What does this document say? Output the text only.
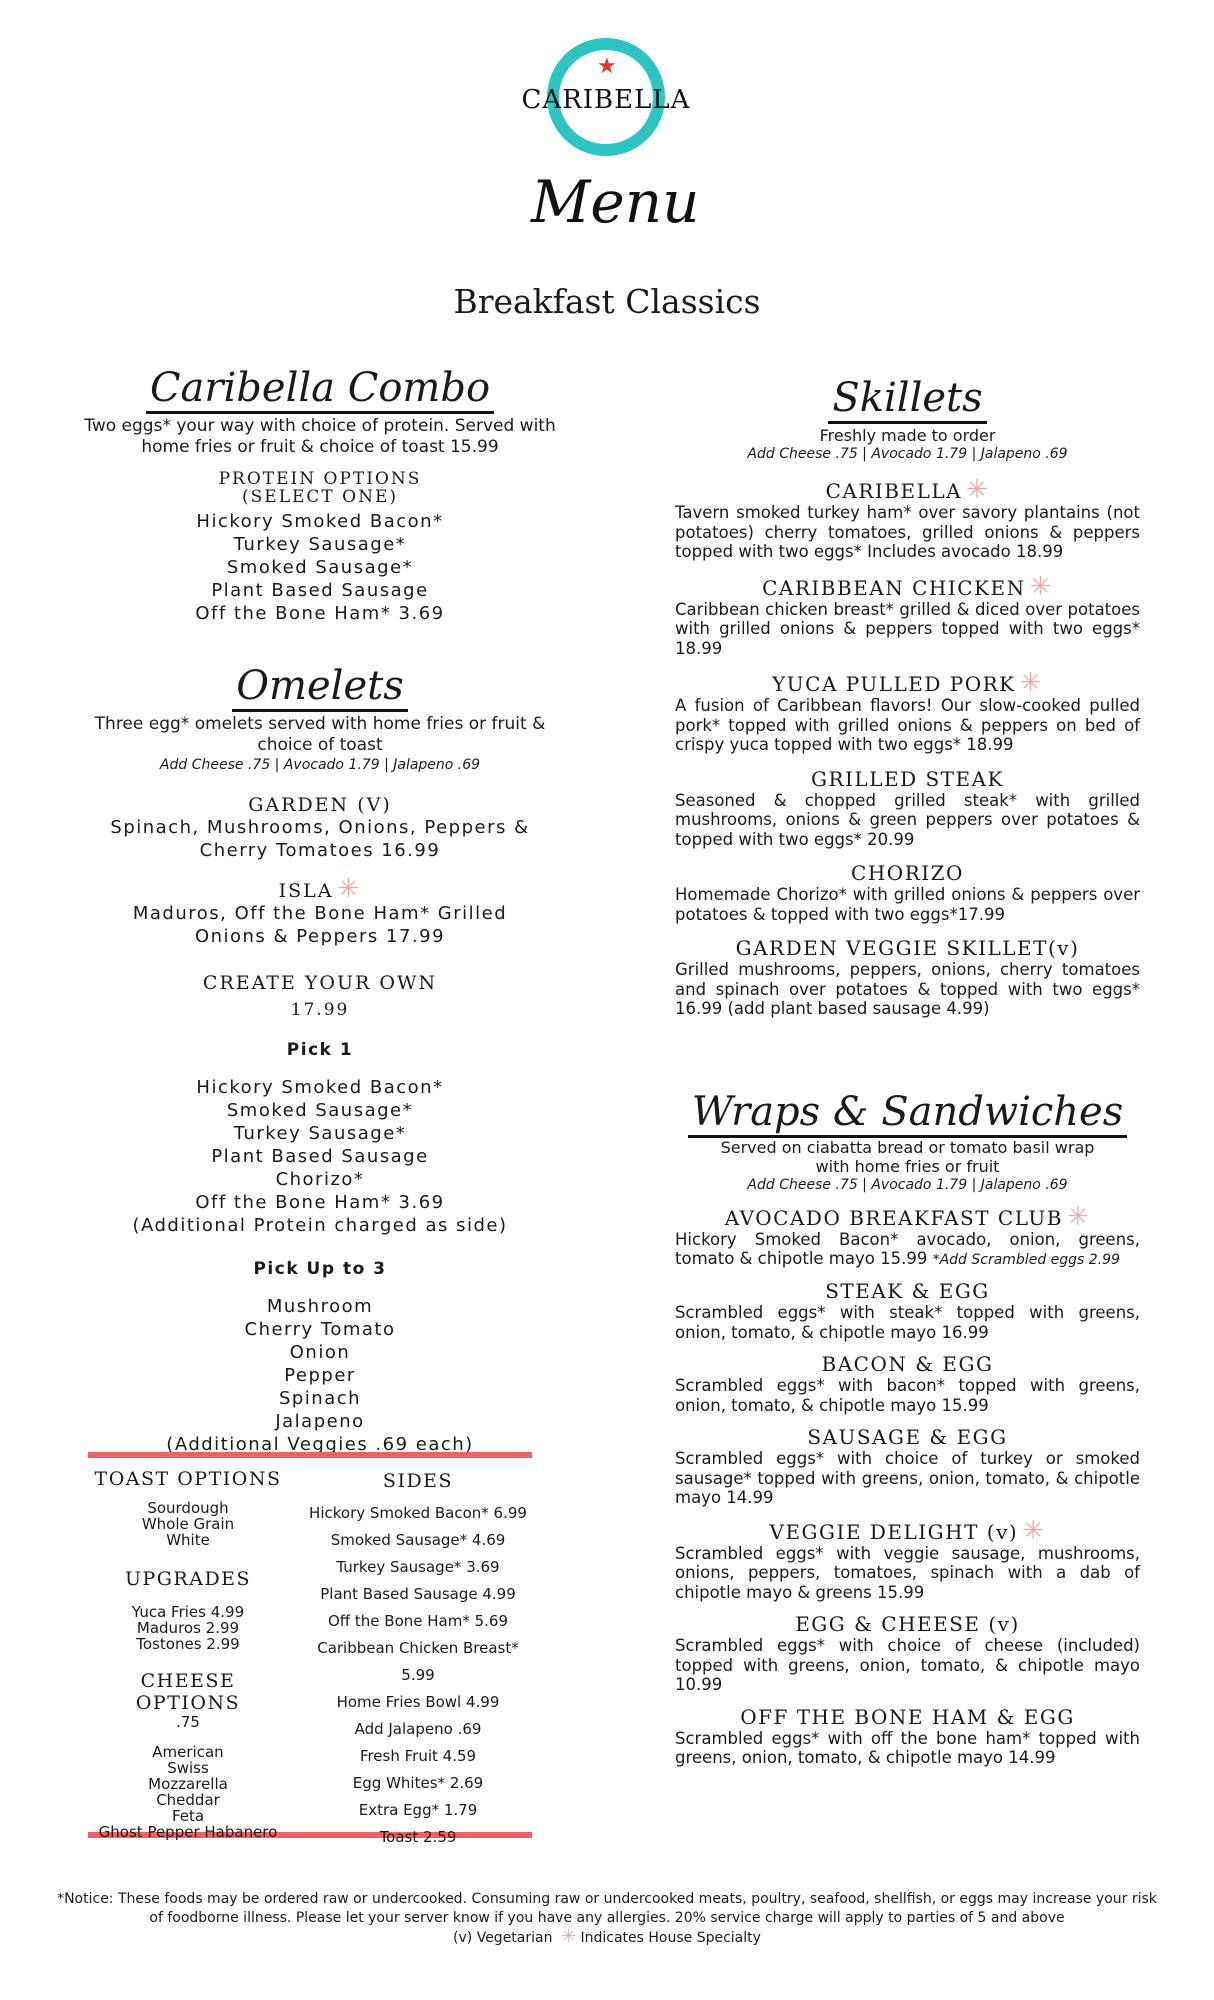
★
CARIBELLA
Menu
Breakfast Classics
Caribella Combo
Two eggs* your way with choice of protein. Served with home fries or fruit & choice of toast 15.99
PROTEIN OPTIONS
(SELECT ONE)
Hickory Smoked Bacon*
Turkey Sausage*
Smoked Sausage*
Plant Based Sausage
Off the Bone Ham* 3.69
Omelets
Three egg* omelets served with home fries or fruit & choice of toast
Add Cheese .75 | Avocado 1.79 | Jalapeno .69
GARDEN (V)
Spinach, Mushrooms, Onions, Peppers & Cherry Tomatoes 16.99
ISLA ✳
Maduros, Off the Bone Ham* Grilled Onions & Peppers 17.99
CREATE YOUR OWN
17.99
Pick 1
Hickory Smoked Bacon*
Smoked Sausage*
Turkey Sausage*
Plant Based Sausage
Chorizo*
Off the Bone Ham* 3.69
(Additional Protein charged as side)
Pick Up to 3
Mushroom
Cherry Tomato
Onion
Pepper
Spinach
Jalapeno
(Additional Veggies .69 each)
TOAST OPTIONS
Sourdough
Whole Grain
White
UPGRADES
Yuca Fries 4.99
Maduros 2.99
Tostones 2.99
CHEESE OPTIONS
.75
American
Swiss
Mozzarella
Cheddar
Feta
Ghost Pepper Habanero
SIDES
Hickory Smoked Bacon* 6.99
Smoked Sausage* 4.69
Turkey Sausage* 3.69
Plant Based Sausage 4.99
Off the Bone Ham* 5.69
Caribbean Chicken Breast* 5.99
Home Fries Bowl 4.99
Add Jalapeno .69
Fresh Fruit 4.59
Egg Whites* 2.69
Extra Egg* 1.79
Toast 2.59
Skillets
Freshly made to order
Add Cheese .75 | Avocado 1.79 | Jalapeno .69
CARIBELLA ✳
Tavern smoked turkey ham* over savory plantains (not potatoes) cherry tomatoes, grilled onions & peppers topped with two eggs* Includes avocado 18.99
CARIBBEAN CHICKEN ✳
Caribbean chicken breast* grilled & diced over potatoes with grilled onions & peppers topped with two eggs* 18.99
YUCA PULLED PORK ✳
A fusion of Caribbean flavors! Our slow-cooked pulled pork* topped with grilled onions & peppers on bed of crispy yuca topped with two eggs* 18.99
GRILLED STEAK
Seasoned & chopped grilled steak* with grilled mushrooms, onions & green peppers over potatoes & topped with two eggs* 20.99
CHORIZO
Homemade Chorizo* with grilled onions & peppers over potatoes & topped with two eggs*17.99
GARDEN VEGGIE SKILLET(v)
Grilled mushrooms, peppers, onions, cherry tomatoes and spinach over potatoes & topped with two eggs* 16.99 (add plant based sausage 4.99)
Wraps & Sandwiches
Served on ciabatta bread or tomato basil wrap with home fries or fruit
Add Cheese .75 | Avocado 1.79 | Jalapeno .69
AVOCADO BREAKFAST CLUB ✳
Hickory Smoked Bacon* avocado, onion, greens, tomato & chipotle mayo 15.99 *Add Scrambled eggs 2.99
STEAK & EGG
Scrambled eggs* with steak* topped with greens, onion, tomato, & chipotle mayo 16.99
BACON & EGG
Scrambled eggs* with bacon* topped with greens, onion, tomato, & chipotle mayo 15.99
SAUSAGE & EGG
Scrambled eggs* with choice of turkey or smoked sausage* topped with greens, onion, tomato, & chipotle mayo 14.99
VEGGIE DELIGHT (v) ✳
Scrambled eggs* with veggie sausage, mushrooms, onions, peppers, tomatoes, spinach with a dab of chipotle mayo & greens 15.99
EGG & CHEESE (v)
Scrambled eggs* with choice of cheese (included) topped with greens, onion, tomato, & chipotle mayo 10.99
OFF THE BONE HAM & EGG
Scrambled eggs* with off the bone ham* topped with greens, onion, tomato, & chipotle mayo 14.99
*Notice: These foods may be ordered raw or undercooked. Consuming raw or undercooked meats, poultry, seafood, shellfish, or eggs may increase your risk of foodborne illness. Please let your server know if you have any allergies. 20% service charge will apply to parties of 5 and above
(v) Vegetarian ✳ Indicates House Specialty
